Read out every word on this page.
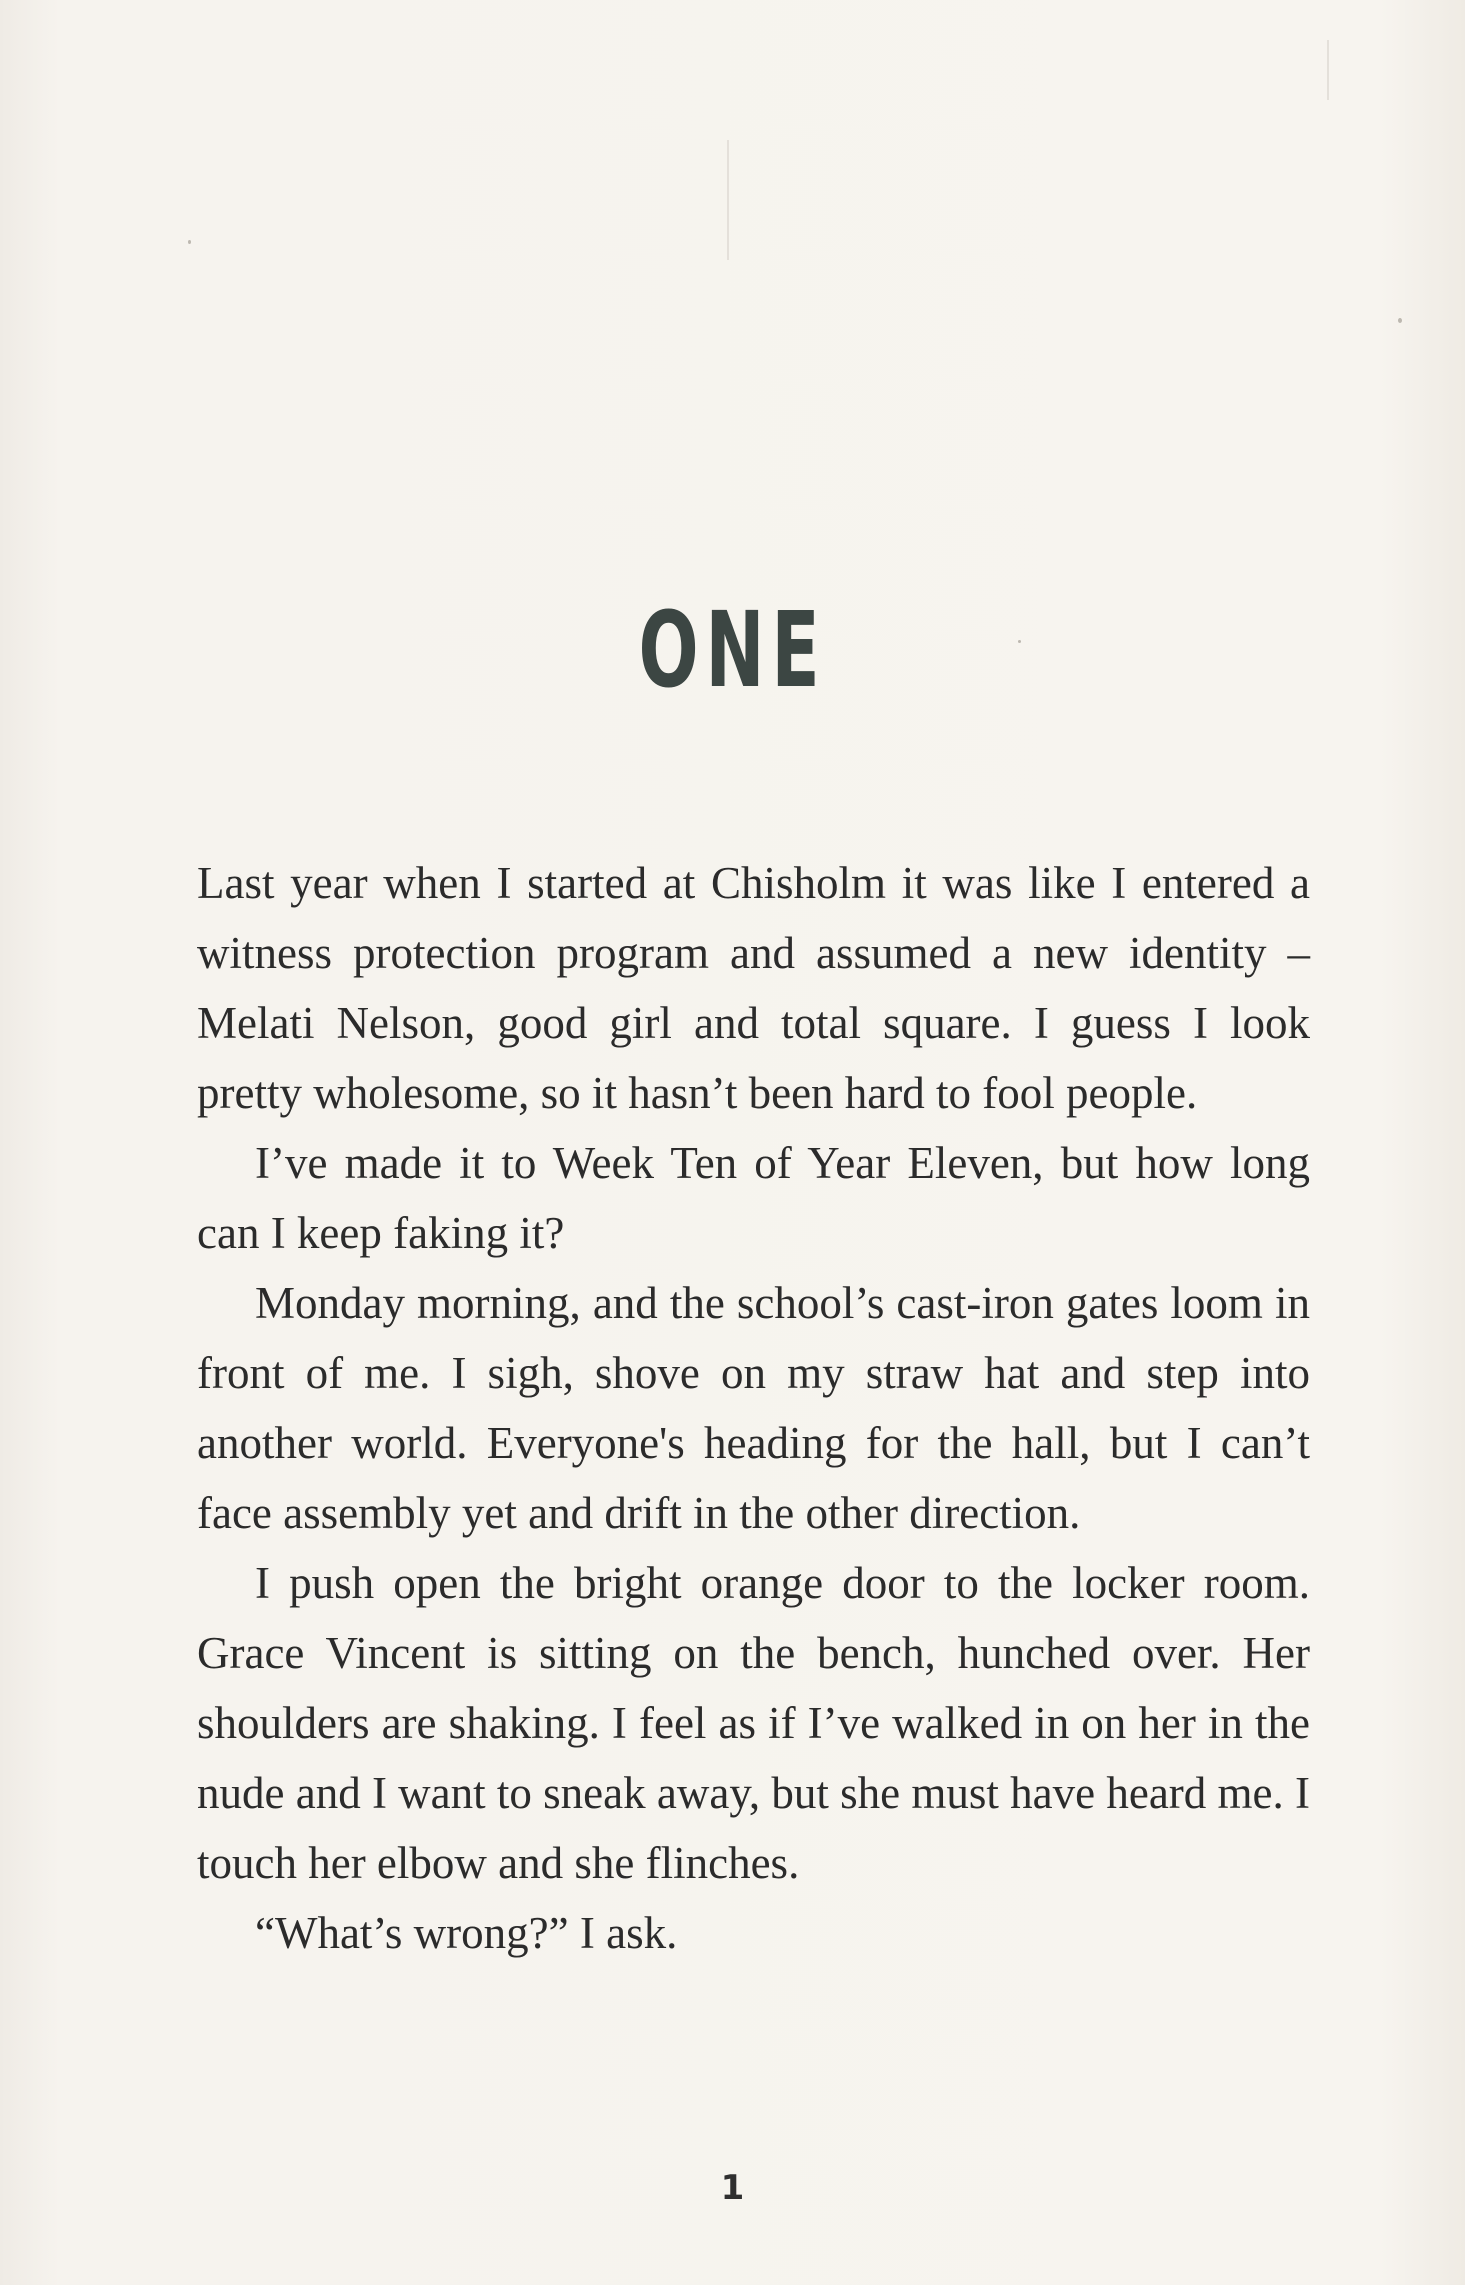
ONE

Last year when I started at Chisholm it was like I entered a witness protection program and assumed a new identity – Melati Nelson, good girl and total square. I guess I look pretty wholesome, so it hasn’t been hard to fool people.

I’ve made it to Week Ten of Year Eleven, but how long can I keep faking it?

Monday morning, and the school’s cast-iron gates loom in front of me. I sigh, shove on my straw hat and step into another world. Everyone's heading for the hall, but I can’t face assembly yet and drift in the other direction.

I push open the bright orange door to the locker room. Grace Vincent is sitting on the bench, hunched over. Her shoulders are shaking. I feel as if I’ve walked in on her in the nude and I want to sneak away, but she must have heard me. I touch her elbow and she flinches.

“What’s wrong?” I ask.

1
